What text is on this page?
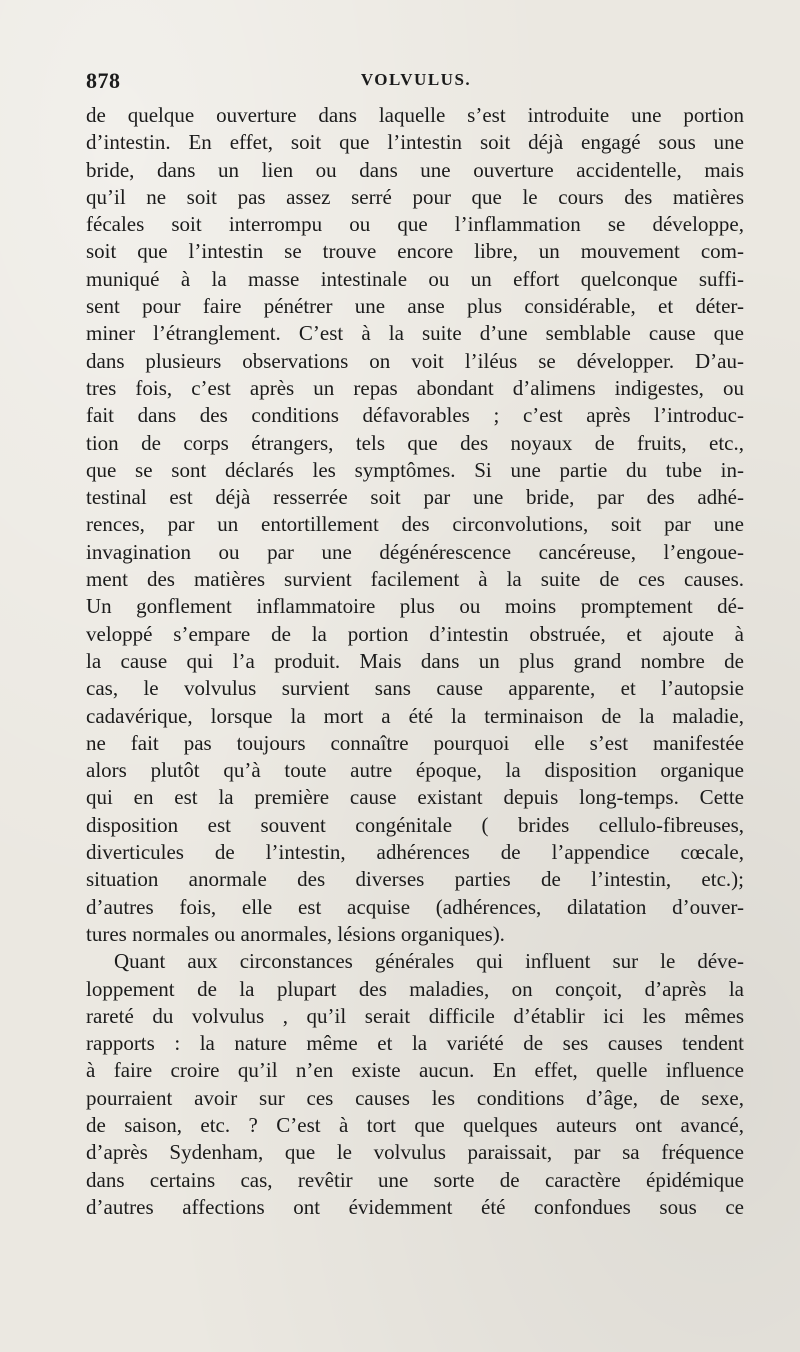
878	VOLVULUS.
de quelque ouverture dans laquelle s’est introduite une portion
d’intestin. En effet, soit que l’intestin soit déjà engagé sous une
bride, dans un lien ou dans une ouverture accidentelle, mais
qu’il ne soit pas assez serré pour que le cours des matières
fécales soit interrompu ou que l’inflammation se développe,
soit que l’intestin se trouve encore libre, un mouvement com-
muniqué à la masse intestinale ou un effort quelconque suffi-
sent pour faire pénétrer une anse plus considérable, et déter-
miner l’étranglement. C’est à la suite d’une semblable cause que
dans plusieurs observations on voit l’iléus se développer. D’au-
tres fois, c’est après un repas abondant d’alimens indigestes, ou
fait dans des conditions défavorables ; c’est après l’introduc-
tion de corps étrangers, tels que des noyaux de fruits, etc.,
que se sont déclarés les symptômes. Si une partie du tube in-
testinal est déjà resserrée soit par une bride, par des adhé-
rences, par un entortillement des circonvolutions, soit par une
invagination ou par une dégénérescence cancéreuse, l’engoue-
ment des matières survient facilement à la suite de ces causes.
Un gonflement inflammatoire plus ou moins promptement dé-
veloppé s’empare de la portion d’intestin obstruée, et ajoute à
la cause qui l’a produit. Mais dans un plus grand nombre de
cas, le volvulus survient sans cause apparente, et l’autopsie
cadavérique, lorsque la mort a été la terminaison de la maladie,
ne fait pas toujours connaître pourquoi elle s’est manifestée
alors plutôt qu’à toute autre époque, la disposition organique
qui en est la première cause existant depuis long-temps. Cette
disposition est souvent congénitale ( brides cellulo-fibreuses,
diverticules de l’intestin, adhérences de l’appendice cœcale,
situation anormale des diverses parties de l’intestin, etc.);
d’autres fois, elle est acquise (adhérences, dilatation d’ouver-
tures normales ou anormales, lésions organiques).
Quant aux circonstances générales qui influent sur le déve-
loppement de la plupart des maladies, on conçoit, d’après la
rareté du volvulus , qu’il serait difficile d’établir ici les mêmes
rapports : la nature même et la variété de ses causes tendent
à faire croire qu’il n’en existe aucun. En effet, quelle influence
pourraient avoir sur ces causes les conditions d’âge, de sexe,
de saison, etc. ? C’est à tort que quelques auteurs ont avancé,
d’après Sydenham, que le volvulus paraissait, par sa fréquence
dans certains cas, revêtir une sorte de caractère épidémique
d’autres affections ont évidemment été confondues sous ce
